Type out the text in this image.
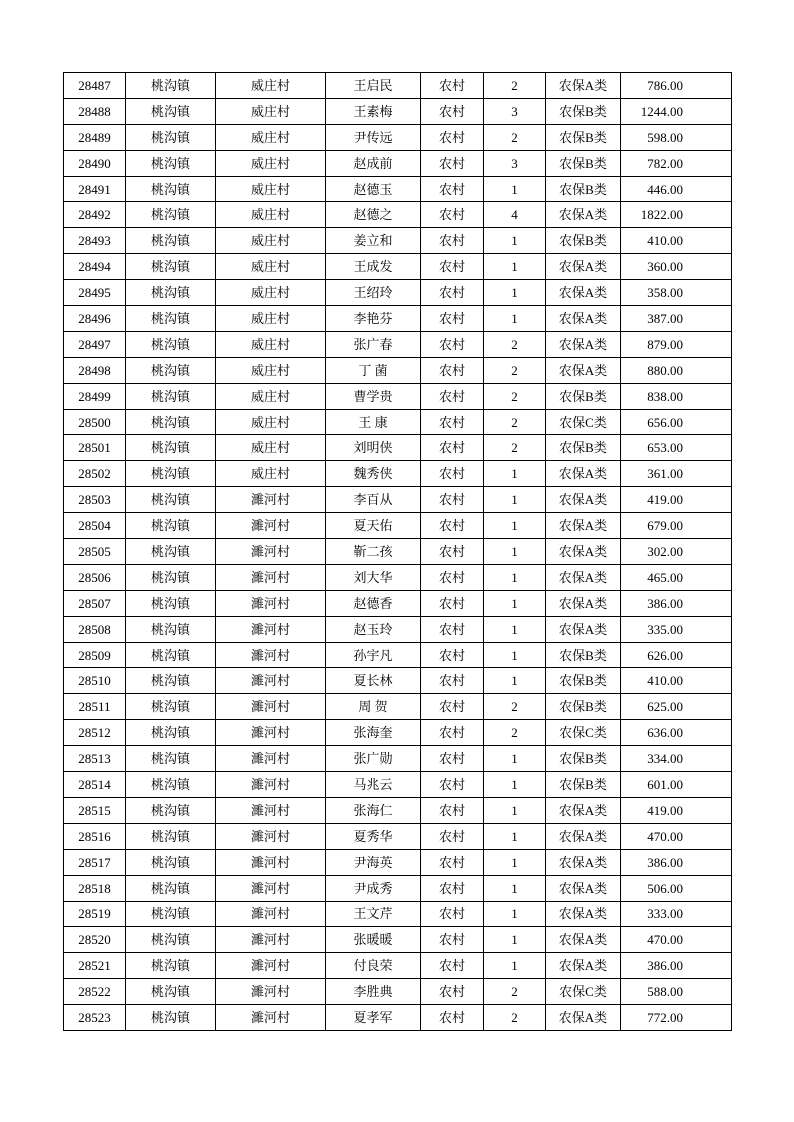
28487	桃沟镇	威庄村	王启民	农村	2	农保A类	786.00
28488	桃沟镇	威庄村	王素梅	农村	3	农保B类	1244.00
28489	桃沟镇	威庄村	尹传远	农村	2	农保B类	598.00
28490	桃沟镇	威庄村	赵成前	农村	3	农保B类	782.00
28491	桃沟镇	威庄村	赵德玉	农村	1	农保B类	446.00
28492	桃沟镇	威庄村	赵德之	农村	4	农保A类	1822.00
28493	桃沟镇	威庄村	姜立和	农村	1	农保B类	410.00
28494	桃沟镇	威庄村	王成发	农村	1	农保A类	360.00
28495	桃沟镇	威庄村	王绍玲	农村	1	农保A类	358.00
28496	桃沟镇	威庄村	李艳芬	农村	1	农保A类	387.00
28497	桃沟镇	威庄村	张广春	农村	2	农保A类	879.00
28498	桃沟镇	威庄村	丁 菌	农村	2	农保A类	880.00
28499	桃沟镇	威庄村	曹学贵	农村	2	农保B类	838.00
28500	桃沟镇	威庄村	王 康	农村	2	农保C类	656.00
28501	桃沟镇	威庄村	刘明侠	农村	2	农保B类	653.00
28502	桃沟镇	威庄村	魏秀侠	农村	1	农保A类	361.00
28503	桃沟镇	濉河村	李百从	农村	1	农保A类	419.00
28504	桃沟镇	濉河村	夏天佑	农村	1	农保A类	679.00
28505	桃沟镇	濉河村	靳二孩	农村	1	农保A类	302.00
28506	桃沟镇	濉河村	刘大华	农村	1	农保A类	465.00
28507	桃沟镇	濉河村	赵德香	农村	1	农保A类	386.00
28508	桃沟镇	濉河村	赵玉玲	农村	1	农保A类	335.00
28509	桃沟镇	濉河村	孙宇凡	农村	1	农保B类	626.00
28510	桃沟镇	濉河村	夏长林	农村	1	农保B类	410.00
28511	桃沟镇	濉河村	周 贺	农村	2	农保B类	625.00
28512	桃沟镇	濉河村	张海奎	农村	2	农保C类	636.00
28513	桃沟镇	濉河村	张广勋	农村	1	农保B类	334.00
28514	桃沟镇	濉河村	马兆云	农村	1	农保B类	601.00
28515	桃沟镇	濉河村	张海仁	农村	1	农保A类	419.00
28516	桃沟镇	濉河村	夏秀华	农村	1	农保A类	470.00
28517	桃沟镇	濉河村	尹海英	农村	1	农保A类	386.00
28518	桃沟镇	濉河村	尹成秀	农村	1	农保A类	506.00
28519	桃沟镇	濉河村	王文芹	农村	1	农保A类	333.00
28520	桃沟镇	濉河村	张暖暖	农村	1	农保A类	470.00
28521	桃沟镇	濉河村	付良荣	农村	1	农保A类	386.00
28522	桃沟镇	濉河村	李胜典	农村	2	农保C类	588.00
28523	桃沟镇	濉河村	夏孝军	农村	2	农保A类	772.00
